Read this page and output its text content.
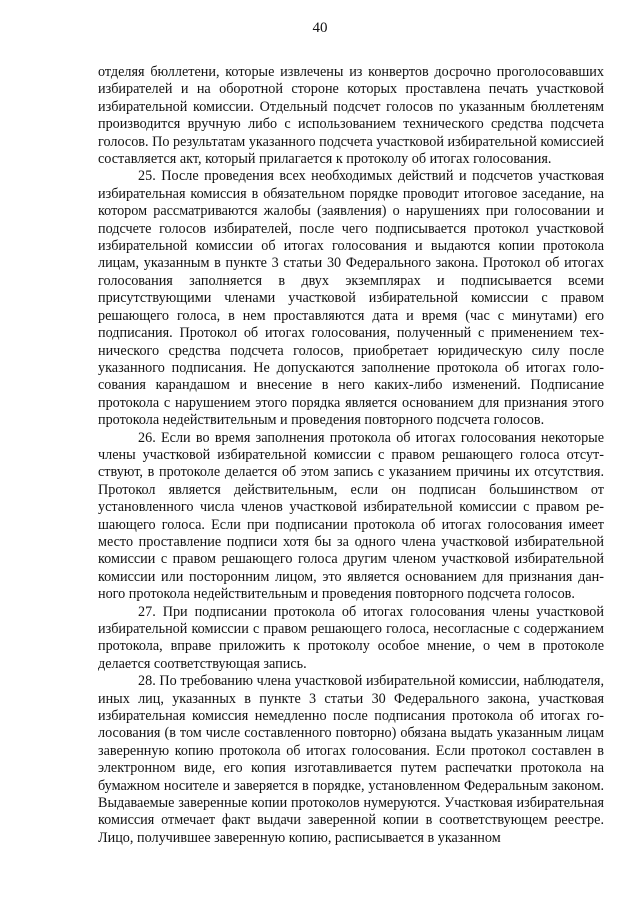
40

отделяя бюллетени, которые извлечены из конвертов досрочно проголосовавших избирателей и на оборотной стороне которых проставлена печать участковой избирательной комиссии. Отдельный подсчет голосов по указанным бюллетеням производится вручную либо с использованием технического средства подсчета голосов. По результатам указанного подсчета участковой избирательной комиссией составляется акт, который прилагается к протоколу об итогах голосования.

25. После проведения всех необходимых действий и подсчетов участковая избирательная комиссия в обязательном порядке проводит итоговое заседание, на котором рассматриваются жалобы (заявления) о нарушениях при голосовании и подсчете голосов избирателей, после чего подписывается протокол участковой избирательной комиссии об итогах голосования и выдаются копии протокола лицам, указанным в пункте 3 статьи 30 Федерального закона. Протокол об итогах голосования заполняется в двух экземплярах и подписывается всеми присутствующими членами участковой избирательной комиссии с правом решающего голоса, в нем проставляются дата и время (час с минутами) его подписания. Протокол об итогах голосования, полученный с применением технического средства подсчета голосов, приобретает юридическую силу после указанного подписания. Не допускаются заполнение протокола об итогах голосования карандашом и внесение в него каких-либо изменений. Подписание протокола с нарушением этого порядка является основанием для признания этого протокола недействительным и проведения повторного подсчета голосов.

26. Если во время заполнения протокола об итогах голосования некоторые члены участковой избирательной комиссии с правом решающего голоса отсутствуют, в протоколе делается об этом запись с указанием причины их отсутствия. Протокол является действительным, если он подписан большинством от установленного числа членов участковой избирательной комиссии с правом решающего голоса. Если при подписании протокола об итогах голосования имеет место проставление подписи хотя бы за одного члена участковой избирательной комиссии с правом решающего голоса другим членом участковой избирательной комиссии или посторонним лицом, это является основанием для признания данного протокола недействительным и проведения повторного подсчета голосов.

27. При подписании протокола об итогах голосования члены участковой избирательной комиссии с правом решающего голоса, несогласные с содержанием протокола, вправе приложить к протоколу особое мнение, о чем в протоколе делается соответствующая запись.

28. По требованию члена участковой избирательной комиссии, наблюдателя, иных лиц, указанных в пункте 3 статьи 30 Федерального закона, участковая избирательная комиссия немедленно после подписания протокола об итогах голосования (в том числе составленного повторно) обязана выдать указанным лицам заверенную копию протокола об итогах голосования. Если протокол составлен в электронном виде, его копия изготавливается путем распечатки протокола на бумажном носителе и заверяется в порядке, установленном Федеральным законом. Выдаваемые заверенные копии протоколов нумеруются. Участковая избирательная комиссия отмечает факт выдачи заверенной копии в соответствующем реестре. Лицо, получившее заверенную копию, расписывается в указанном
